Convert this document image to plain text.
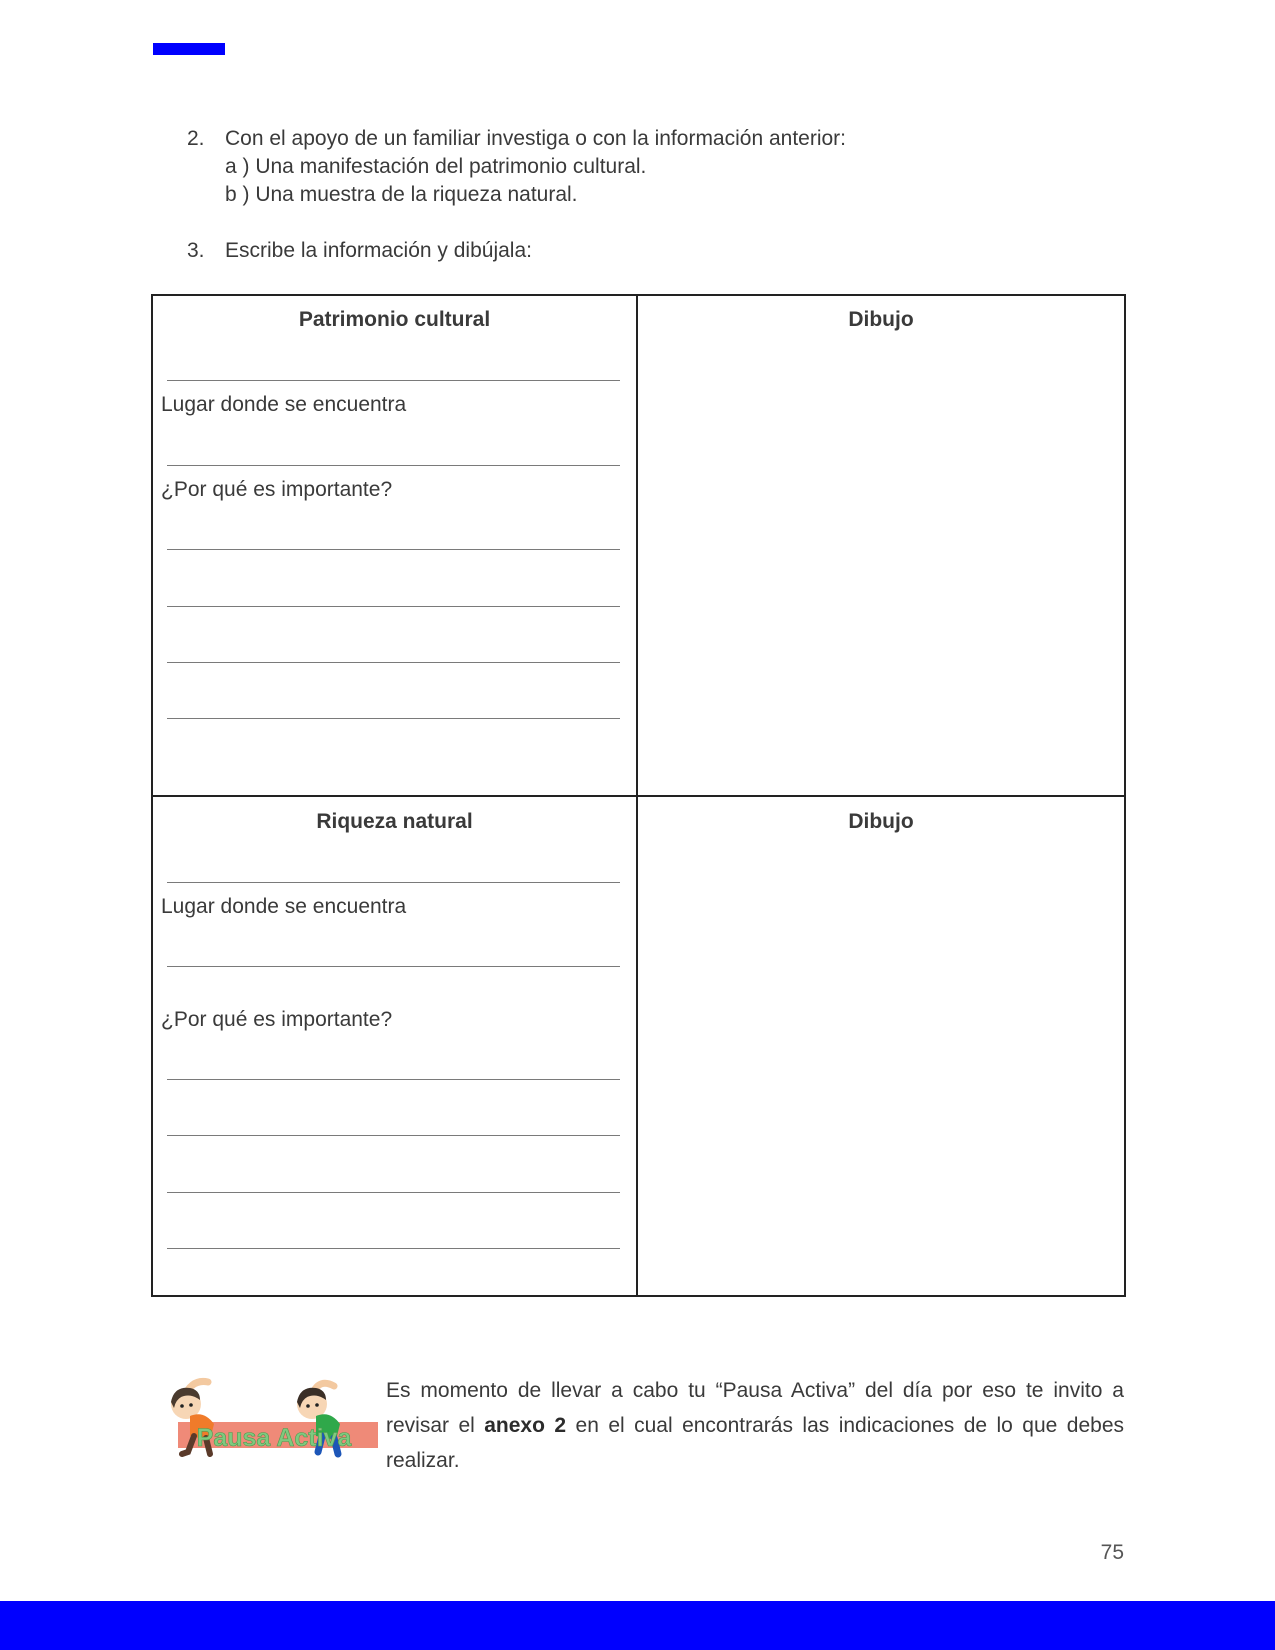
2. Con el apoyo de un familiar investiga o con la información anterior:
a ) Una manifestación del patrimonio cultural.
b ) Una muestra de la riqueza natural.
3. Escribe la información y dibújala:
Patrimonio cultural
Lugar donde se encuentra
¿Por qué es importante?
Dibujo
Riqueza natural
Lugar donde se encuentra
¿Por qué es importante?
Dibujo
Pausa Activa
Es momento de llevar a cabo tu “Pausa Activa” del día por eso te invito a revisar el anexo 2 en el cual encontrarás las indicaciones de lo que debes realizar.
75
